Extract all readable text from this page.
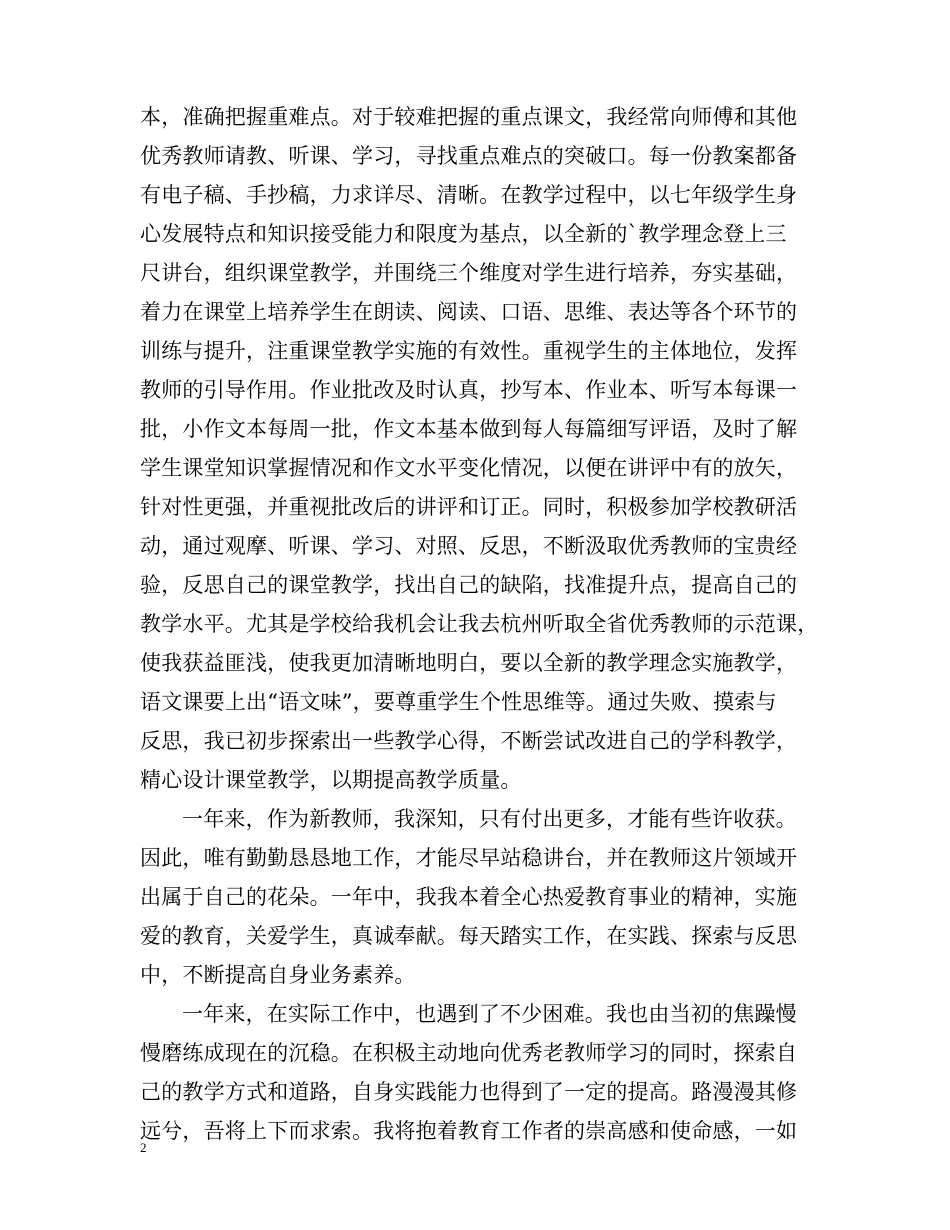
本，准确把握重难点。对于较难把握的重点课文，我经常向师傅和其他
优秀教师请教、听课、学习，寻找重点难点的突破口。每一份教案都备
有电子稿、手抄稿，力求详尽、清晰。在教学过程中，以七年级学生身
心发展特点和知识接受能力和限度为基点，以全新的`教学理念登上三
尺讲台，组织课堂教学，并围绕三个维度对学生进行培养，夯实基础，
着力在课堂上培养学生在朗读、阅读、口语、思维、表达等各个环节的
训练与提升，注重课堂教学实施的有效性。重视学生的主体地位，发挥
教师的引导作用。作业批改及时认真，抄写本、作业本、听写本每课一
批，小作文本每周一批，作文本基本做到每人每篇细写评语，及时了解
学生课堂知识掌握情况和作文水平变化情况，以便在讲评中有的放矢，
针对性更强，并重视批改后的讲评和订正。同时，积极参加学校教研活
动，通过观摩、听课、学习、对照、反思，不断汲取优秀教师的宝贵经
验，反思自己的课堂教学，找出自己的缺陷，找准提升点，提高自己的
教学水平。尤其是学校给我机会让我去杭州听取全省优秀教师的示范课，
使我获益匪浅，使我更加清晰地明白，要以全新的教学理念实施教学，
语文课要上出“语文味”，要尊重学生个性思维等。通过失败、摸索与
反思，我已初步探索出一些教学心得，不断尝试改进自己的学科教学，
精心设计课堂教学，以期提高教学质量。
一年来，作为新教师，我深知，只有付出更多，才能有些许收获。
因此，唯有勤勤恳恳地工作，才能尽早站稳讲台，并在教师这片领域开
出属于自己的花朵。一年中，我我本着全心热爱教育事业的精神，实施
爱的教育，关爱学生，真诚奉献。每天踏实工作，在实践、探索与反思
中，不断提高自身业务素养。
一年来，在实际工作中，也遇到了不少困难。我也由当初的焦躁慢
慢磨练成现在的沉稳。在积极主动地向优秀老教师学习的同时，探索自
己的教学方式和道路，自身实践能力也得到了一定的提高。路漫漫其修
远兮，吾将上下而求索。我将抱着教育工作者的崇高感和使命感，一如
2
